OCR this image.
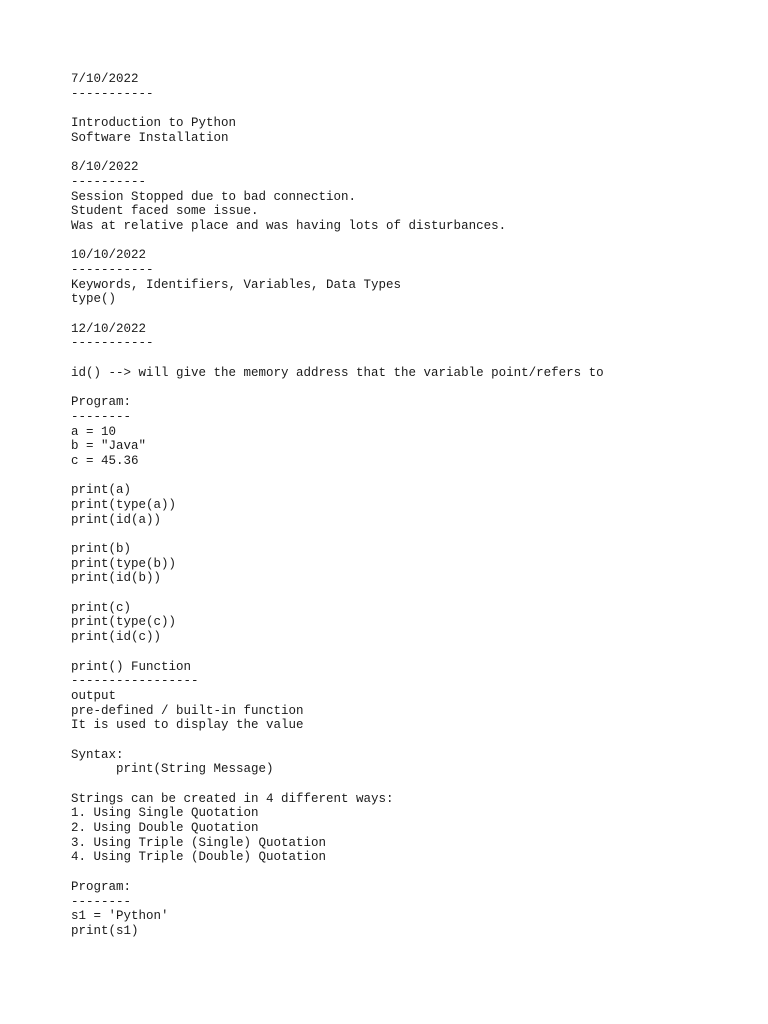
7/10/2022
-----------
Introduction to Python
Software Installation
8/10/2022
----------
Session Stopped due to bad connection.
Student faced some issue.
Was at relative place and was having lots of disturbances.
10/10/2022
-----------
Keywords, Identifiers, Variables, Data Types
type()
12/10/2022
-----------
id() --> will give the memory address that the variable point/refers to
Program:
--------
a = 10
b = "Java"
c = 45.36
print(a)
print(type(a))
print(id(a))
print(b)
print(type(b))
print(id(b))
print(c)
print(type(c))
print(id(c))
print() Function
-----------------
output
pre-defined / built-in function
It is used to display the value
Syntax:
print(String Message)
Strings can be created in 4 different ways:
1. Using Single Quotation
2. Using Double Quotation
3. Using Triple (Single) Quotation
4. Using Triple (Double) Quotation
Program:
--------
s1 = 'Python'
print(s1)
